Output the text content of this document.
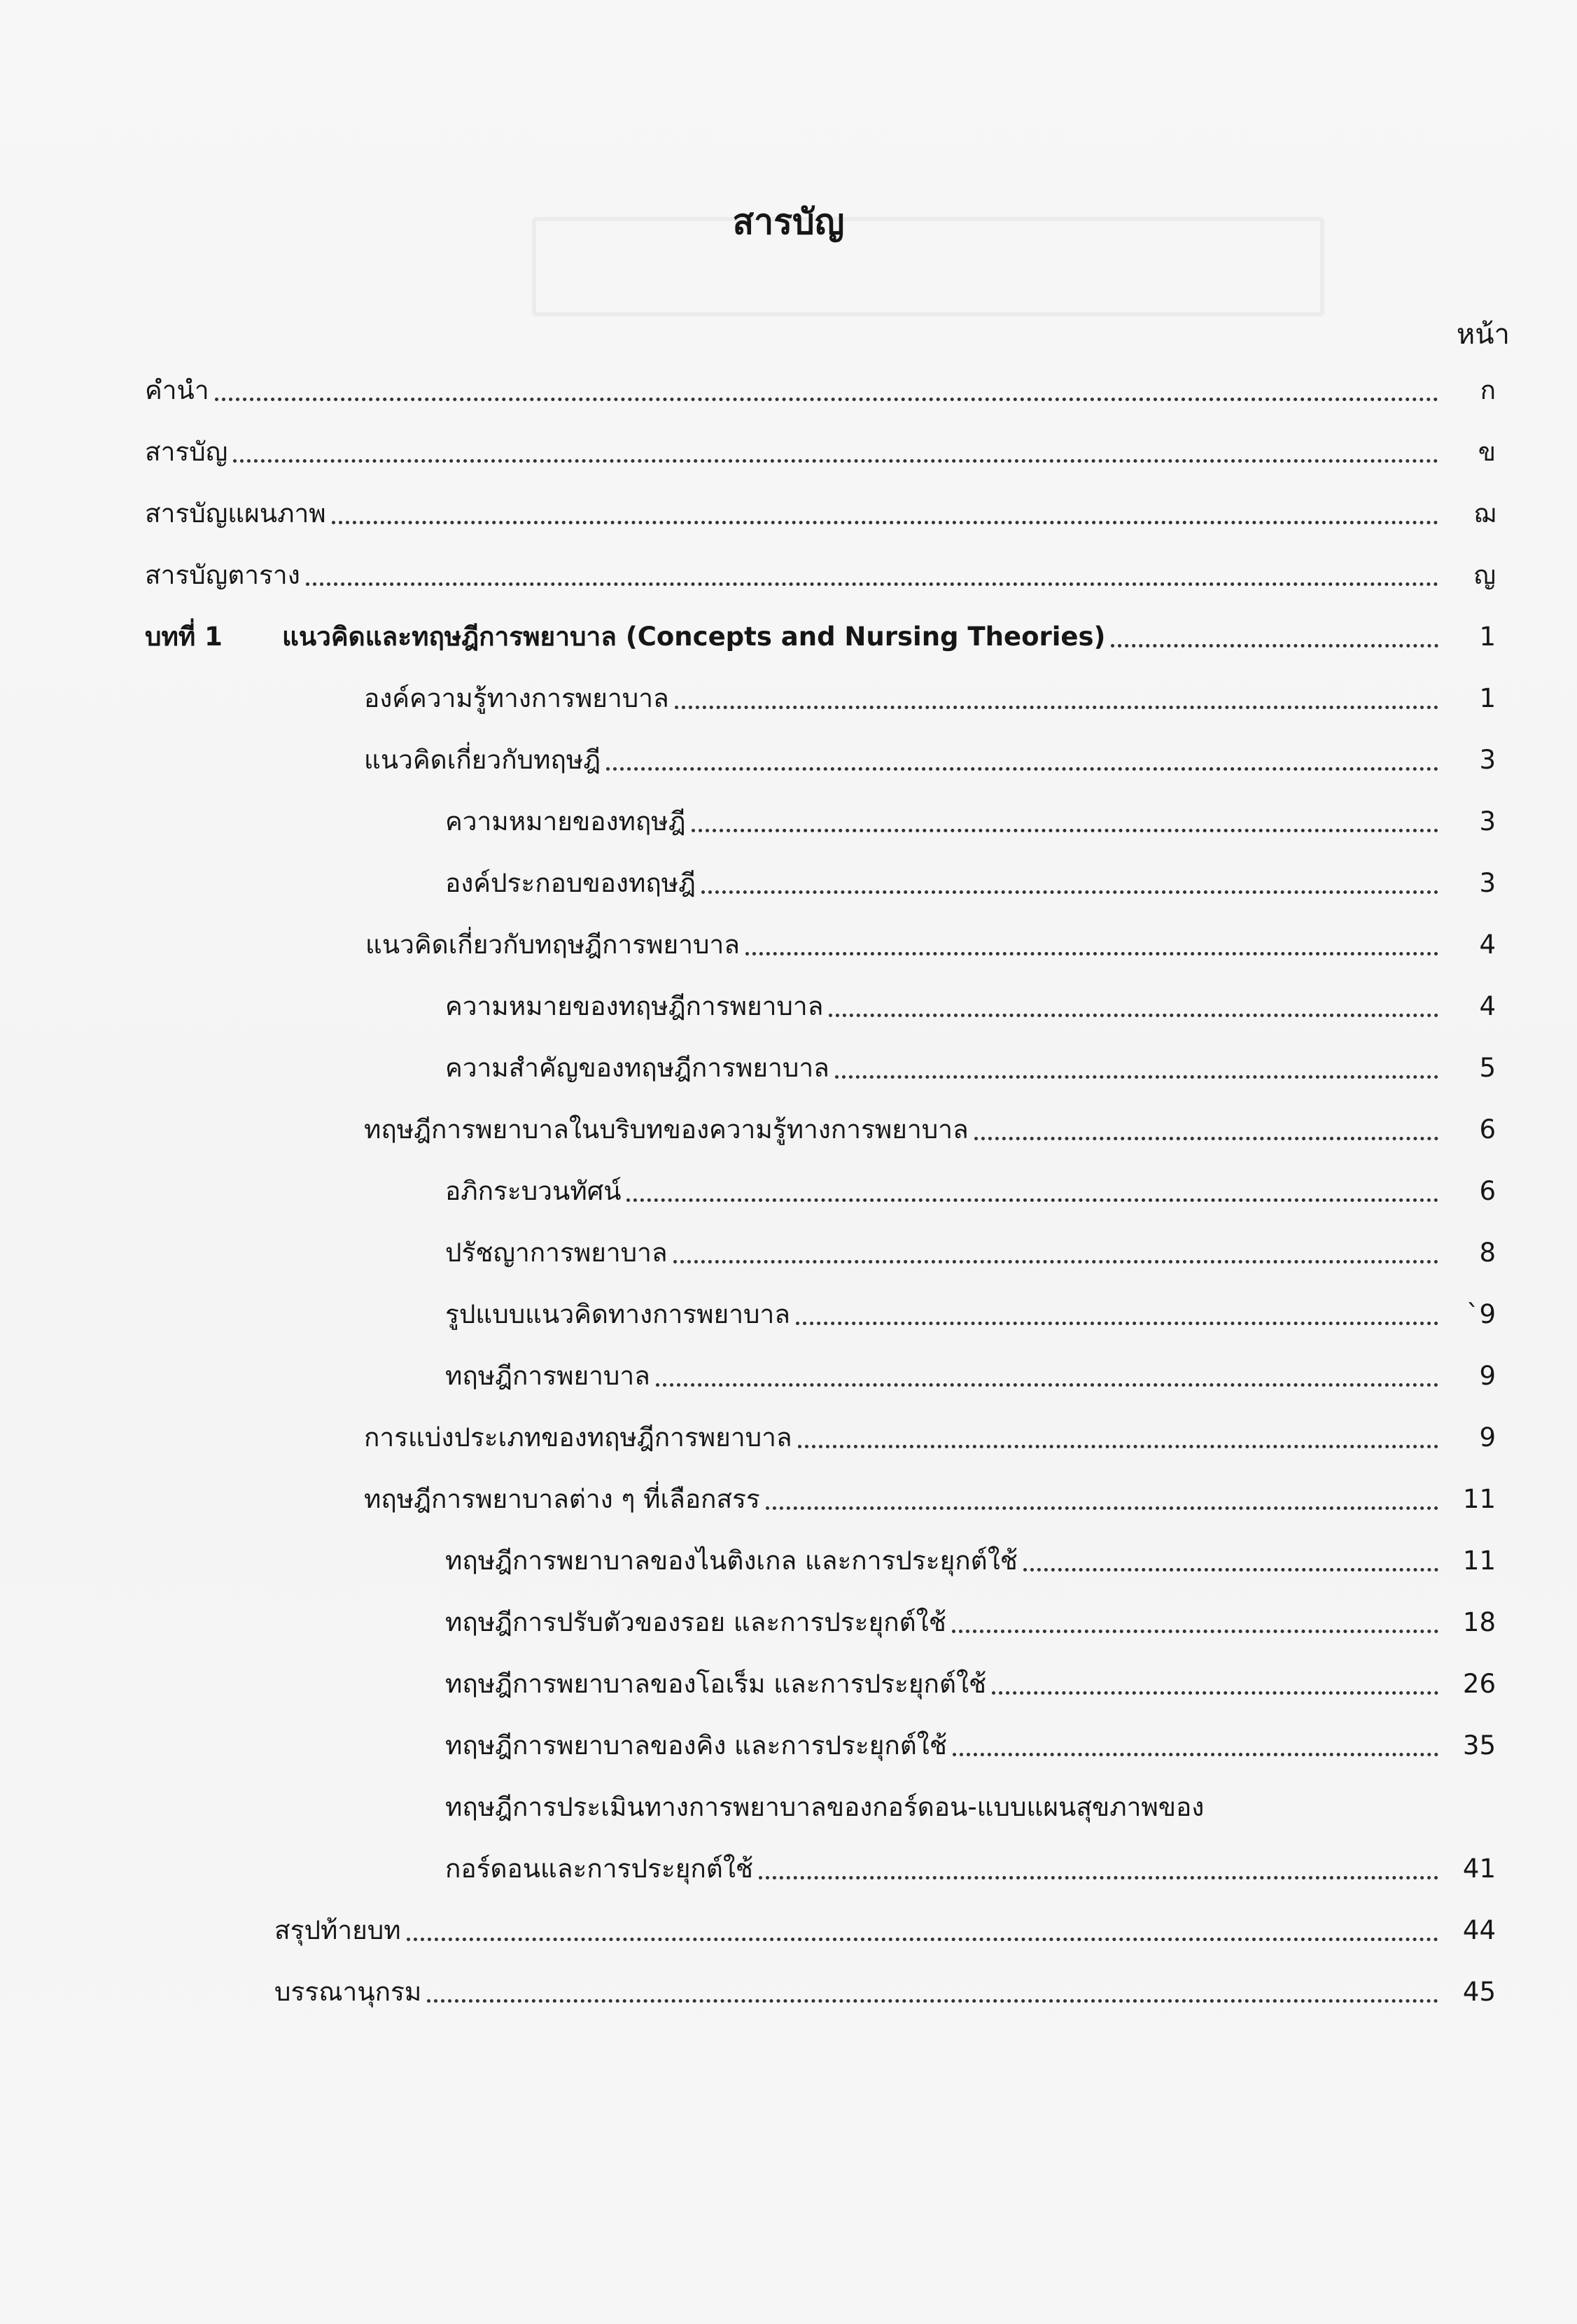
สารบัญ
หน้า
คำนำ	ก
สารบัญ	ข
สารบัญแผนภาพ	ฌ
สารบัญตาราง	ญ
บทที่ 1	แนวคิดและทฤษฎีการพยาบาล (Concepts and Nursing Theories)	1
องค์ความรู้ทางการพยาบาล	1
แนวคิดเกี่ยวกับทฤษฎี	3
ความหมายของทฤษฎี	3
องค์ประกอบของทฤษฎี	3
แนวคิดเกี่ยวกับทฤษฎีการพยาบาล	4
ความหมายของทฤษฎีการพยาบาล	4
ความสำคัญของทฤษฎีการพยาบาล	5
ทฤษฎีการพยาบาลในบริบทของความรู้ทางการพยาบาล	6
อภิกระบวนทัศน์	6
ปรัชญาการพยาบาล	8
รูปแบบแนวคิดทางการพยาบาล	`9
ทฤษฎีการพยาบาล	9
การแบ่งประเภทของทฤษฎีการพยาบาล	9
ทฤษฎีการพยาบาลต่าง ๆ ที่เลือกสรร	11
ทฤษฎีการพยาบาลของไนติงเกล และการประยุกต์ใช้	11
ทฤษฎีการปรับตัวของรอย และการประยุกต์ใช้	18
ทฤษฎีการพยาบาลของโอเร็ม และการประยุกต์ใช้	26
ทฤษฎีการพยาบาลของคิง และการประยุกต์ใช้	35
ทฤษฎีการประเมินทางการพยาบาลของกอร์ดอน-แบบแผนสุขภาพของ
กอร์ดอนและการประยุกต์ใช้	41
สรุปท้ายบท	44
บรรณานุกรม	45
